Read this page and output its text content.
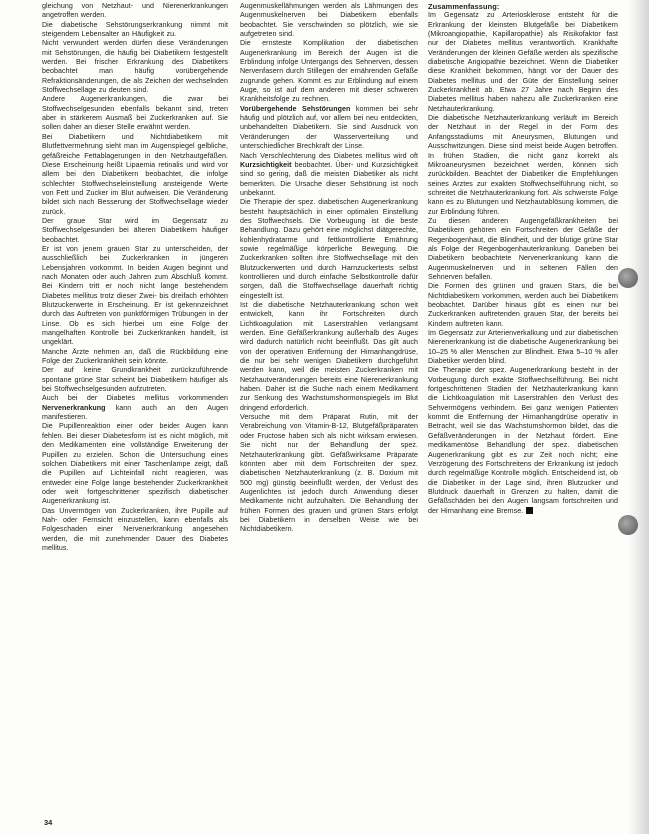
gleichung von Netzhaut- und Nierenerkrankungen angetroffen werden.

Die diabetische Sehstörungserkrankung nimmt mit steigendem Lebensalter an Häufigkeit zu.

Nicht verwundert werden dürfen diese Veränderungen mit Sehstörungen, die häufig bei Diabetikern festgestellt werden. Bei frischer Erkrankung des Diabetikers beobachtet man häufig vorübergehende Refraktionsänderungen, die als Zeichen der wechselnden Stoffwechsellage zu deuten sind.

Andere Augenerkrankungen, die zwar bei Stoffwechselgesunden ebenfalls bekannt sind, treten aber in stärkerem Ausmaß bei Zuckerkranken auf. Sie sollen daher an dieser Stelle erwähnt werden.

Bei Diabetikern und Nichtdiabetikern mit Blutfettvermehrung sieht man im Augenspiegel gelbliche, gefäßreiche Fettablagerungen in den Netzhautgefäßen. Diese Erscheinung heißt Lipaemia retinalis und wird vor allem bei den Diabetikern beobachtet, die infolge schlechter Stoffwechseleinstellung ansteigende Werte von Fett und Zucker im Blut aufweisen. Die Veränderung bildet sich nach Besserung der Stoffwechsellage wieder zurück.

Der graue Star wird im Gegensatz zu Stoffwechselgesunden bei älteren Diabetikern häufiger beobachtet.

Er ist von jenem grauen Star zu unterscheiden, der ausschließlich bei Zuckerkranken in jüngeren Lebensjahren vorkommt. In beiden Augen beginnt und nach Monaten oder auch Jahren zum Abschluß kommt. Bei Kindern tritt er noch nicht lange bestehendem Diabetes mellitus trotz dieser Zwei- bis dreifach erhöhten Blutzuckerwerte in Erscheinung. Er ist gekennzeichnet durch das Auftreten von punktförmigen Trübungen in der Linse. Ob es sich hierbei um eine Folge der mangelhaften Kontrolle bei Zuckerkranken handelt, ist ungeklärt.

Manche Ärzte nehmen an, daß die Rückbildung eine Folge der Zuckerkrankheit sein könnte.

Der auf keine Grundkrankheit zurückzuführende spontane grüne Star scheint bei Diabetikern häufiger als bei Stoffwechselgesunden aufzutreten.

Auch bei der Diabetes mellitus vorkommenden Nervenerkrankung kann auch an den Augen manifestieren.

Die Pupillenreaktion einer oder beider Augen kann fehlen. Bei dieser Diabetesform ist es nicht möglich, mit den Medikamenten eine vollständige Erweiterung der Pupillen zu erzielen. Schon die Untersuchung eines solchen Diabetikers mit einer Taschenlampe zeigt, daß die Pupillen auf Lichteinfall nicht reagieren, was entweder eine Folge lange bestehender Zuckerkrankheit oder weit fortgeschrittener spezifisch diabetischer Augenerkrankung ist.

Das Unvermögen von Zuckerkranken, ihre Pupille auf Nah- oder Fernsicht einzustellen, kann ebenfalls als Folgeschaden einer Nervenerkrankung angesehen werden, die mit zunehmender Dauer des Diabetes mellitus.

Augenmuskellähmungen werden als Lähmungen des Augenmuskelnerven bei Diabetikern ebenfalls beobachtet. Sie verschwinden so plötzlich, wie sie aufgetreten sind.

Die ernsteste Komplikation der diabetischen Augenerkrankung im Bereich der Augen ist die Erblindung infolge Untergangs des Sehnerven, dessen Nervenfasern durch Stillegen der ernährenden Gefäße zugrunde gehen. Kommt es zur Erblindung auf einem Auge, so ist auf dem anderen mit dieser schweren Krankheitsfolge zu rechnen.

Vorübergehende Sehstörungen kommen bei sehr häufig und plötzlich auf, vor allem bei neu entdeckten, unbehandelten Diabetikern. Sie sind Ausdruck von Veränderungen der Wasserverteilung und unterschiedlicher Brechkraft der Linse.

Nach Verschlechterung des Diabetes mellitus wird oft Kurzsichtigkeit beobachtet. Über- und Kurzsichtigkeit sind so gering, daß die meisten Diabetiker als nicht bemerkten. Die Ursache dieser Sehstörung ist noch unbekannt.

Die Therapie der spez. diabetischen Augenerkrankung besteht hauptsächlich in einer optimalen Einstellung des Stoffwechsels. Die Vorbeugung ist die beste Behandlung. Dazu gehört eine möglichst diätgerechte, kohlenhydratarme und fettkontrollierte Ernährung sowie regelmäßige körperliche Bewegung. Die Zuckerkranken sollten ihre Stoffwechsellage mit den Blutzuckerwerten und durch Harnzuckertests selbst kontrollieren und durch einfache Selbstkontrolle dafür sorgen, daß die Stoffwechsellage dauerhaft richtig eingestellt ist.

Ist die diabetische Netzhauterkrankung schon weit entwickelt, kann ihr Fortschreiten durch Lichtkoagulation mit Laserstrahlen verlangsamt werden. Eine Gefäßerkrankung außerhalb des Auges wird dadurch natürlich nicht beeinflußt. Das gilt auch von der operativen Entfernung der Hirnanhangdrüse, die nur bei sehr wenigen Diabetikern durchgeführt werden kann, weil die meisten Zuckerkranken mit Netzhautveränderungen bereits eine Nierenerkrankung haben. Daher ist die Suche nach einem Medikament zur Senkung des Wachstumshormonspiegels im Blut dringend erforderlich.

Versuche mit dem Präparat Rutin, mit der Verabreichung von Vitamin-B-12, Blutgefäßpräparaten oder Fructose haben sich als nicht wirksam erwiesen. Sie nicht nur der Behandlung der spez. Netzhauterkrankung gibt. Gefäßwirksame Präparate könnten aber mit dem Fortschreiten der spez. diabetischen Netzhauterkrankung (z. B. Doxium mit 500 mg) günstig beeinflußt werden, der Verlust des Augenlichtes ist jedoch durch Anwendung dieser Medikamente nicht aufzuhalten. Die Behandlung der frühen Formen des grauen und grünen Stars erfolgt bei Diabetikern in derselben Weise wie bei Nichtdiabetikern.

Zusammenfassung:

Im Gegensatz zu Arteriosklerose entsteht für die Erkrankung der kleinsten Blutgefäße bei Diabetikern (Mikroangiopathie, Kapillaropathie) als Risikofaktor fast nur der Diabetes mellitus verantwortlich. Krankhafte Veränderungen der kleinen Gefäße werden als spezifische diabetische Angiopathie bezeichnet. Wenn die Diabetiker diese Krankheit bekommen, hängt vor der Dauer des Diabetes mellitus und der Güte der Einstellung seiner Zuckerkrankheit ab. Etwa 27 Jahre nach Beginn des Diabetes mellitus haben nahezu alle Zuckerkranken eine Netzhauterkrankung.

Die diabetische Netzhauterkrankung verläuft im Bereich der Netzhaut in der Regel in der Form des Anfangsstadiums mit Aneurysmen, Blutungen und Ausschwitzungen. Diese sind meist beide Augen betroffen. In frühen Stadien, die nicht ganz korrekt als Mikroaneurysmen bezeichnet werden, können sich zurückbilden. Beachtet der Diabetiker die Empfehlungen seines Arztes zur exakten Stoffwechselführung nicht, so schreitet die Netzhauterkrankung fort. Als schwerste Folge kann es zu Blutungen und Netzhautablösung kommen, die zur Erblindung führen.

Zu diesen anderen Augengefäßkrankheiten bei Diabetikern gehören ein Fortschreiten der Gefäße der Regenbogenhaut, die Blindheit, und der blutige grüne Star als Folge der Regenbogenhauterkrankung. Daneben bei Diabetikern beobachtete Nervenerkrankung kann die Augenmuskelnerven und in seltenen Fällen den Sehnerven befallen.

Die Formen des grünen und grauen Stars, die bei Nichtdiabetikern vorkommen, werden auch bei Diabetikern beobachtet. Darüber hinaus gibt es einen nur bei Zuckerkranken auftretenden grauen Star, der bereits bei Kindern auftreten kann.

Im Gegensatz zur Arterienverkalkung und zur diabetischen Nierenerkrankung ist die diabetische Augenerkrankung bei 10–25 % aller Menschen zur Blindheit. Etwa 5–10 % aller Diabetiker werden blind.

Die Therapie der spez. Augenerkrankung besteht in der Vorbeugung durch exakte Stoffwechselführung. Bei nicht fortgeschrittenen Stadien der Netzhauterkrankung kann die Lichtkoagulation mit Laserstrahlen den Verlust des Sehvermögens verhindern. Bei ganz wenigen Patienten kommt die Entfernung der Hirnanhangdrüse operativ in Betracht, weil sie das Wachstumshormon bildet, das die Gefäßveränderungen in der Netzhaut fördert. Eine medikamentöse Behandlung der spez. diabetischen Augenerkrankung gibt es zur Zeit noch nicht; eine Verzögerung des Fortschreitens der Erkrankung ist jedoch durch regelmäßige Kontrolle möglich. Entscheidend ist, ob die Diabetiker in der Lage sind, ihren Blutzucker und Blutdruck dauerhaft in Grenzen zu halten, damit die Gefäßschäden bei den Augen langsam fortschreiten und der Hirnanhang eine Bremse.

34
